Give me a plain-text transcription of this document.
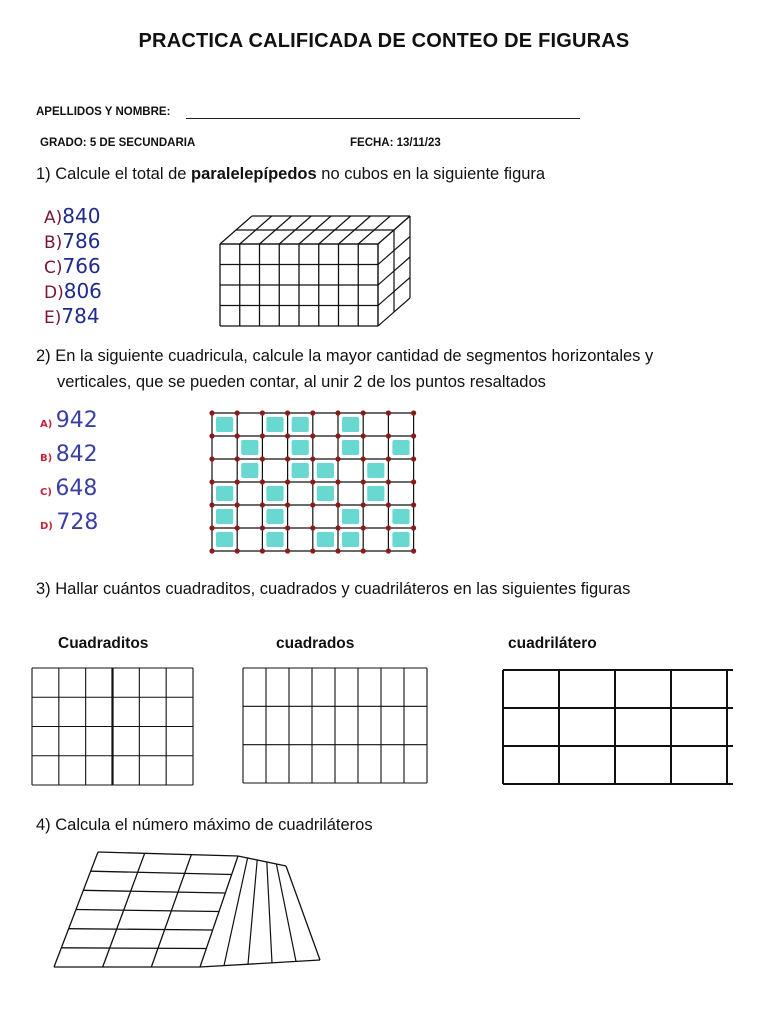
PRACTICA CALIFICADA DE CONTEO DE FIGURAS
APELLIDOS Y NOMBRE:
GRADO: 5 DE SECUNDARIA	FECHA: 13/11/23
1) Calcule el total de paralelepípedos no cubos en la siguiente figura
A)840
B)786
C)766
D)806
E)784
2) En la siguiente cuadricula, calcule la mayor cantidad de segmentos horizontales y
verticales, que se pueden contar, al unir 2 de los puntos resaltados
A) 942
B) 842
C) 648
D) 728
3) Hallar cuántos cuadraditos, cuadrados y cuadriláteros en las siguientes figuras
Cuadraditos	cuadrados	cuadrilátero
4) Calcula el número máximo de cuadriláteros
